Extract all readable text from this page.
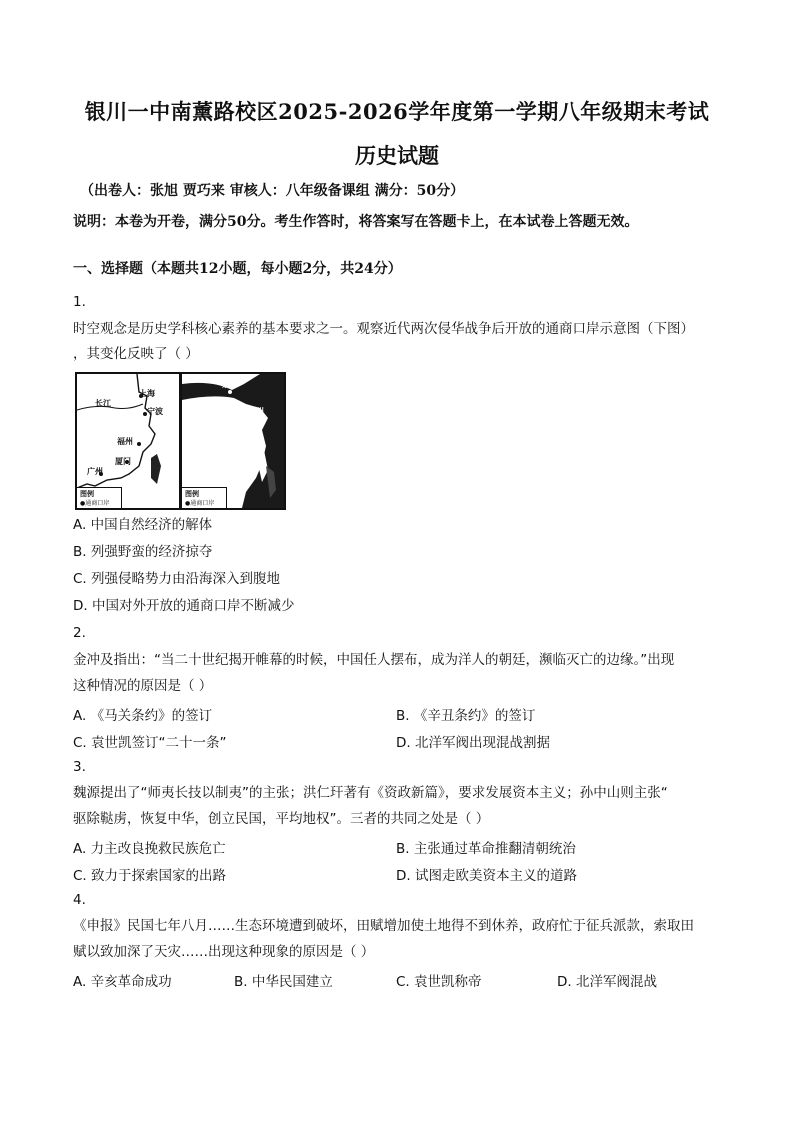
银川一中南薰路校区2025-2026学年度第一学期八年级期末考试
历史试题
（出卷人：张旭 贾巧来 审核人：八年级备课组 满分：50分）
说明：本卷为开卷，满分50分。考生作答时，将答案写在答题卡上，在本试卷上答题无效。
一、选择题（本题共12小题，每小题2分，共24分）
1.
时空观念是历史学科核心素养的基本要求之一。观察近代两次侵华战争后开放的通商口岸示意图（下图）
，其变化反映了（ ）
长江
上海
宁波
福州
厦门
广州
图例
●通商口岸
京师
苏州
沙市
长江
杭州
重庆
图例
●通商口岸
A. 中国自然经济的解体
B. 列强野蛮的经济掠夺
C. 列强侵略势力由沿海深入到腹地
D. 中国对外开放的通商口岸不断减少
2.
金冲及指出：“当二十世纪揭开帷幕的时候，中国任人摆布，成为洋人的朝廷，濒临灭亡的边缘。”出现
这种情况的原因是（ ）
A. 《马关条约》的签订	B. 《辛丑条约》的签订
C. 袁世凯签订“二十一条”	D. 北洋军阀出现混战割据
3.
魏源提出了“师夷长技以制夷”的主张；洪仁玕著有《资政新篇》，要求发展资本主义；孙中山则主张“
驱除鞑虏，恢复中华，创立民国，平均地权”。三者的共同之处是（ ）
A. 力主改良挽救民族危亡	B. 主张通过革命推翻清朝统治
C. 致力于探索国家的出路	D. 试图走欧美资本主义的道路
4.
《申报》民国七年八月……生态环境遭到破坏，田赋增加使土地得不到休养，政府忙于征兵派款，索取田
赋以致加深了天灾……出现这种现象的原因是（ ）
A. 辛亥革命成功	B. 中华民国建立	C. 袁世凯称帝	D. 北洋军阀混战
